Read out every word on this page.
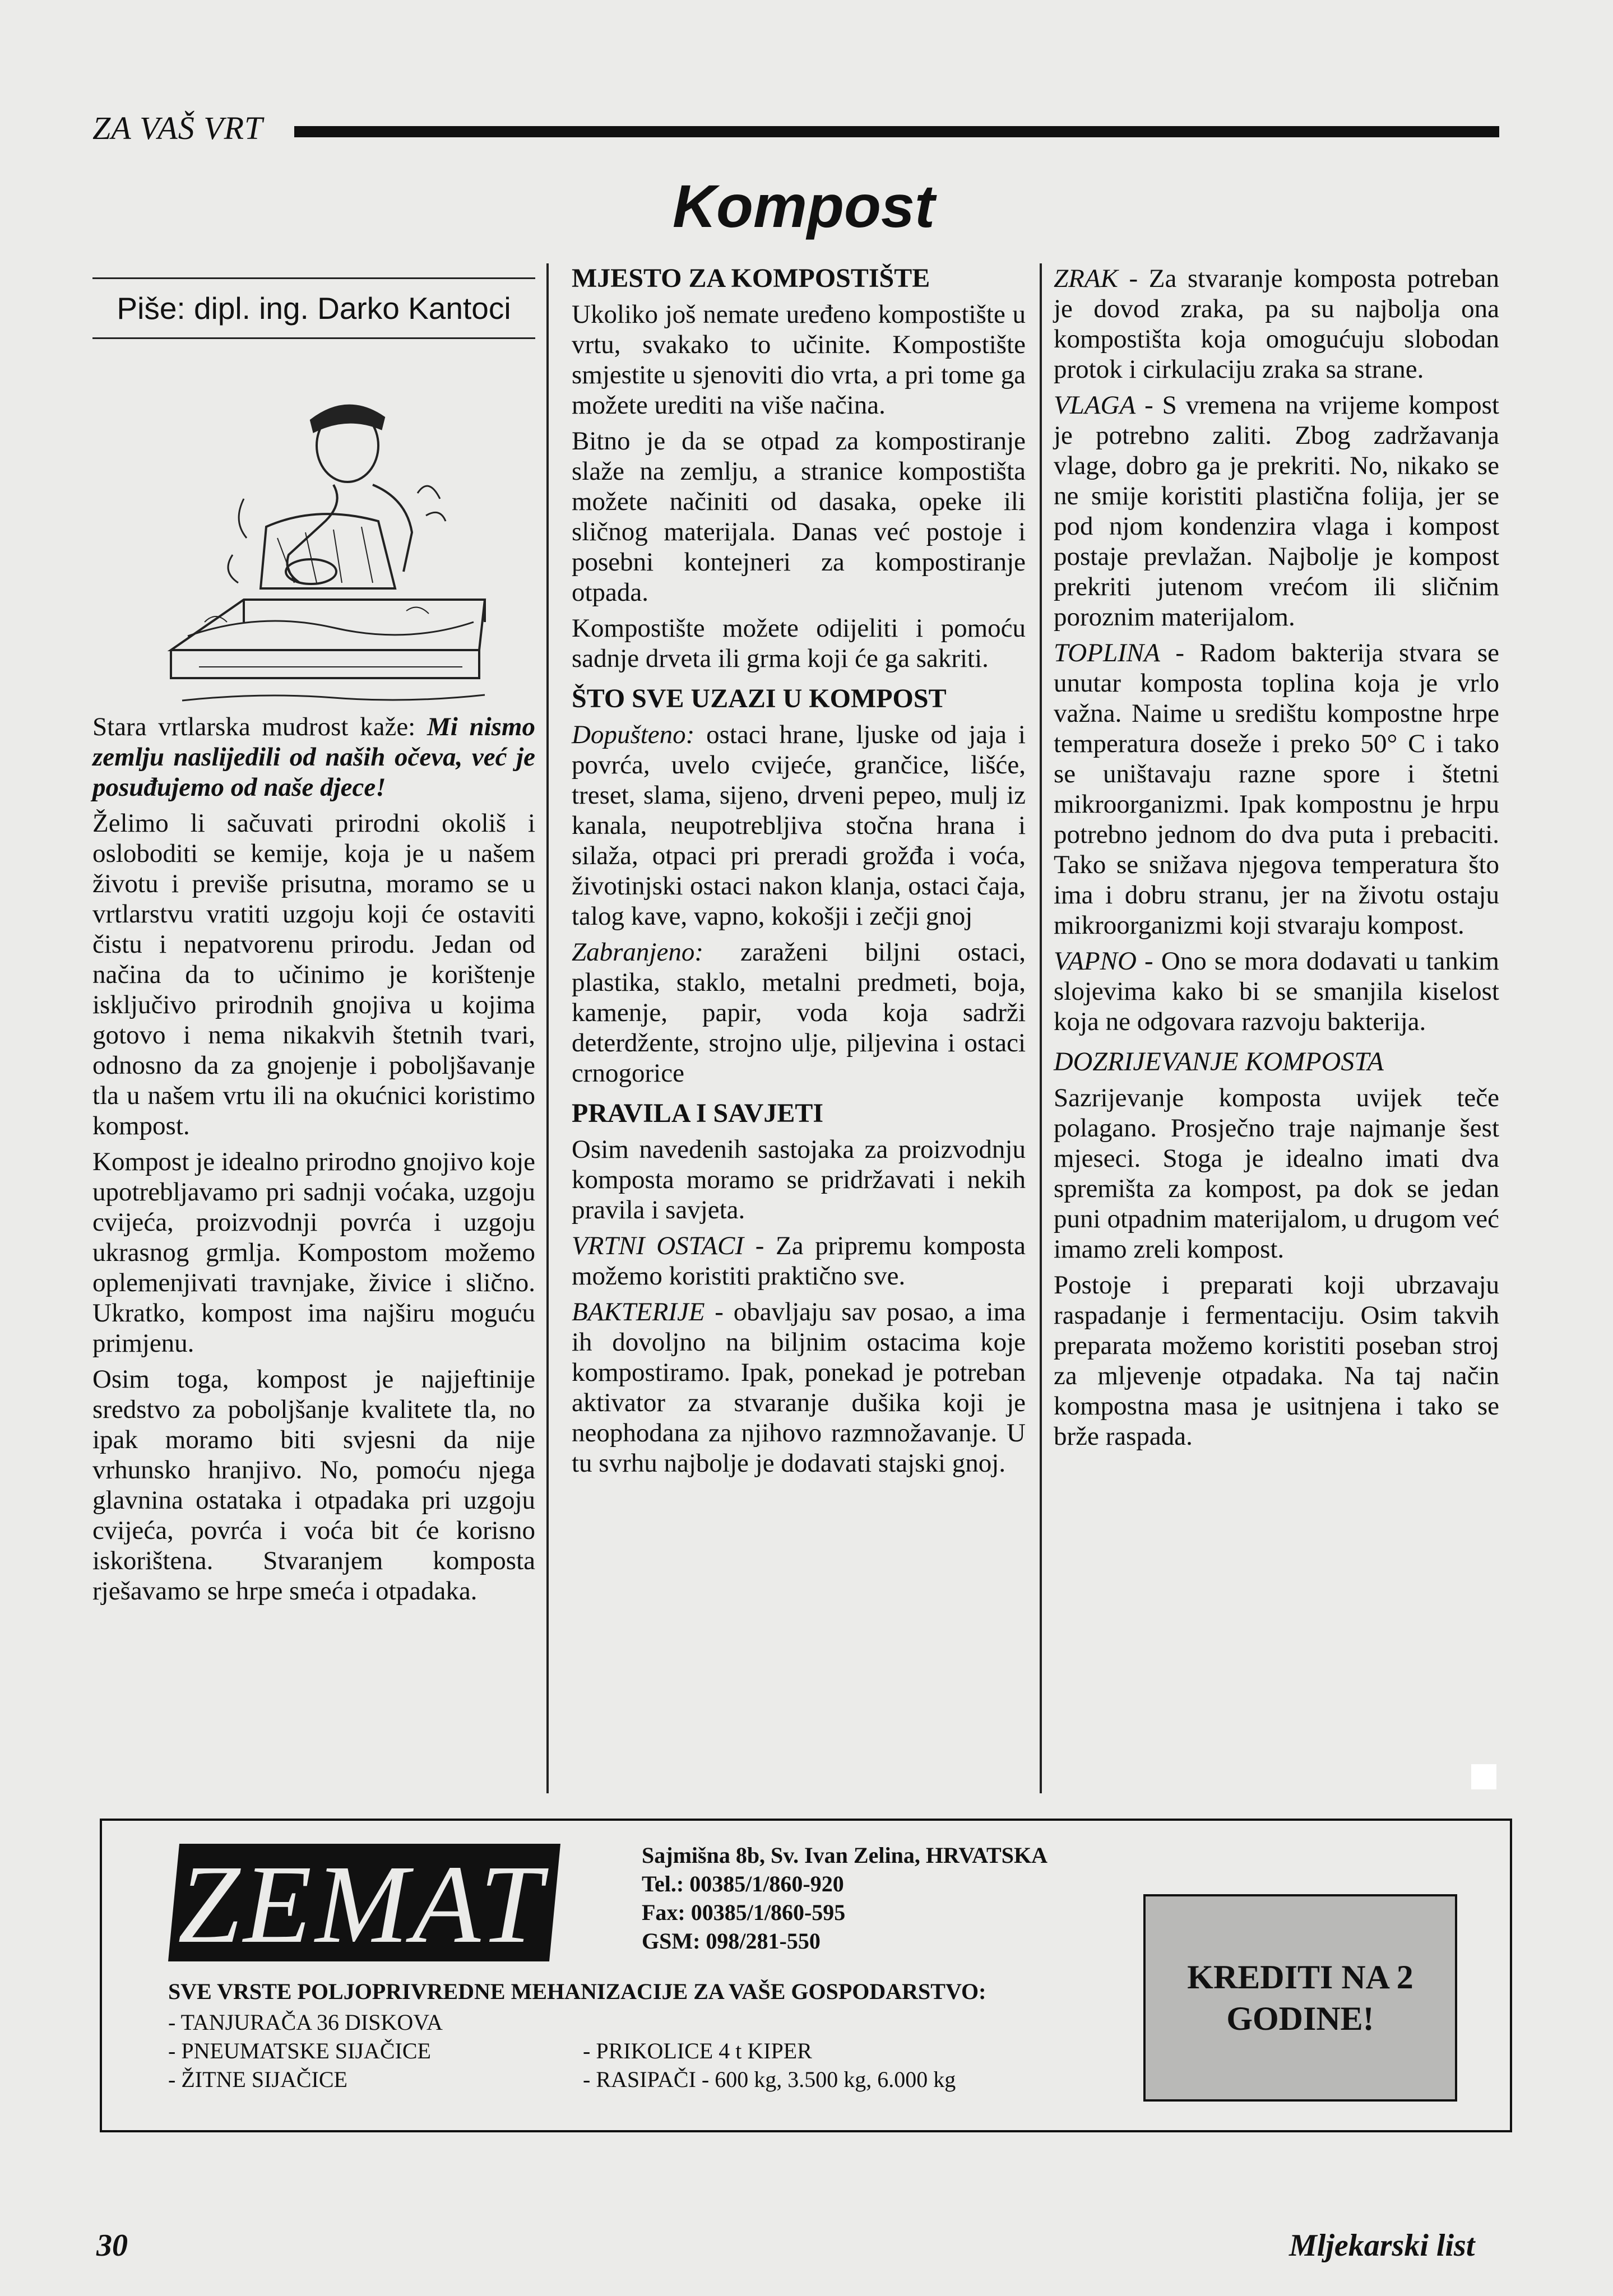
ZA VAŠ VRT
Kompost
Piše: dipl. ing. Darko Kantoci

Stara vrtlarska mudrost kaže: Mi nismo zemlju naslijedili od naših očeva, već je posuđujemo od naše djece!

Želimo li sačuvati prirodni okoliš i osloboditi se kemije, koja je u našem životu i previše prisutna, moramo se u vrtlarstvu vratiti uzgoju koji će ostaviti čistu i nepatvorenu prirodu. Jedan od načina da to učinimo je korištenje isključivo prirodnih gnojiva u kojima gotovo i nema nikakvih štetnih tvari, odnosno da za gnojenje i poboljšavanje tla u našem vrtu ili na okućnici koristimo kompost.

Kompost je idealno prirodno gnojivo koje upotrebljavamo pri sadnji voćaka, uzgoju cvijeća, proizvodnji povrća i uzgoju ukrasnog grmlja. Kompostom možemo oplemenjivati travnjake, živice i slično. Ukratko, kompost ima najširu moguću primjenu.

Osim toga, kompost je najjeftinije sredstvo za poboljšanje kvalitete tla, no ipak moramo biti svjesni da nije vrhunsko hranjivo. No, pomoću njega glavnina ostataka i otpadaka pri uzgoju cvijeća, povrća i voća bit će korisno iskorištena. Stvaranjem komposta rješavamo se hrpe smeća i otpadaka.

MJESTO ZA KOMPOSTIŠTE

Ukoliko još nemate uređeno kompostište u vrtu, svakako to učinite. Kompostište smjestite u sjenoviti dio vrta, a pri tome ga možete urediti na više načina.

Bitno je da se otpad za kompostiranje slaže na zemlju, a stranice kompostišta možete načiniti od dasaka, opeke ili sličnog materijala. Danas već postoje i posebni kontejneri za kompostiranje otpada.

Kompostište možete odijeliti i pomoću sadnje drveta ili grma koji će ga sakriti.

ŠTO SVE UZAZI U KOMPOST

Dopušteno: ostaci hrane, ljuske od jaja i povrća, uvelo cvijeće, grančice, lišće, treset, slama, sijeno, drveni pepeo, mulj iz kanala, neupotrebljiva stočna hrana i silaža, otpaci pri preradi grožđa i voća, životinjski ostaci nakon klanja, ostaci čaja, talog kave, vapno, kokošji i zečji gnoj

Zabranjeno: zaraženi biljni ostaci, plastika, staklo, metalni predmeti, boja, kamenje, papir, voda koja sadrži deterdžente, strojno ulje, piljevina i ostaci crnogorice

PRAVILA I SAVJETI

Osim navedenih sastojaka za proizvodnju komposta moramo se pridržavati i nekih pravila i savjeta.

VRTNI OSTACI - Za pripremu komposta možemo koristiti praktično sve.

BAKTERIJE - obavljaju sav posao, a ima ih dovoljno na biljnim ostacima koje kompostiramo. Ipak, ponekad je potreban aktivator za stvaranje dušika koji je neophodana za njihovo razmnožavanje. U tu svrhu najbolje je dodavati stajski gnoj.

ZRAK - Za stvaranje komposta potreban je dovod zraka, pa su najbolja ona kompostišta koja omogućuju slobodan protok i cirkulaciju zraka sa strane.

VLAGA - S vremena na vrijeme kompost je potrebno zaliti. Zbog zadržavanja vlage, dobro ga je prekriti. No, nikako se ne smije koristiti plastična folija, jer se pod njom kondenzira vlaga i kompost postaje prevlažan. Najbolje je kompost prekriti jutenom vrećom ili sličnim poroznim materijalom.

TOPLINA - Radom bakterija stvara se unutar komposta toplina koja je vrlo važna. Naime u središtu kompostne hrpe temperatura doseže i preko 50° C i tako se uništavaju razne spore i štetni mikroorganizmi. Ipak kompostnu je hrpu potrebno jednom do dva puta i prebaciti. Tako se snižava njegova temperatura što ima i dobru stranu, jer na životu ostaju mikroorganizmi koji stvaraju kompost.

VAPNO - Ono se mora dodavati u tankim slojevima kako bi se smanjila kiselost koja ne odgovara razvoju bakterija.

DOZRIJEVANJE KOMPOSTA

Sazrijevanje komposta uvijek teče polagano. Prosječno traje najmanje šest mjeseci. Stoga je idealno imati dva spremišta za kompost, pa dok se jedan puni otpadnim materijalom, u drugom već imamo zreli kompost.

Postoje i preparati koji ubrzavaju raspadanje i fermentaciju. Osim takvih preparata možemo koristiti poseban stroj za mljevenje otpadaka. Na taj način kompostna masa je usitnjena i tako se brže raspada.

ZEMAT	Sajmišna 8b, Sv. Ivan Zelina, HRVATSKA
Tel.: 00385/1/860-920
Fax: 00385/1/860-595
GSM: 098/281-550
SVE VRSTE POLJOPRIVREDNE MEHANIZACIJE ZA VAŠE GOSPODARSTVO:
- TANJURAČA 36 DISKOVA
- PNEUMATSKE SIJAČICE
- ŽITNE SIJAČICE
- PRIKOLICE 4 t KIPER
- RASIPAČI - 600 kg, 3.500 kg, 6.000 kg
KREDITI NA 2 GODINE!
30	Mljekarski list
